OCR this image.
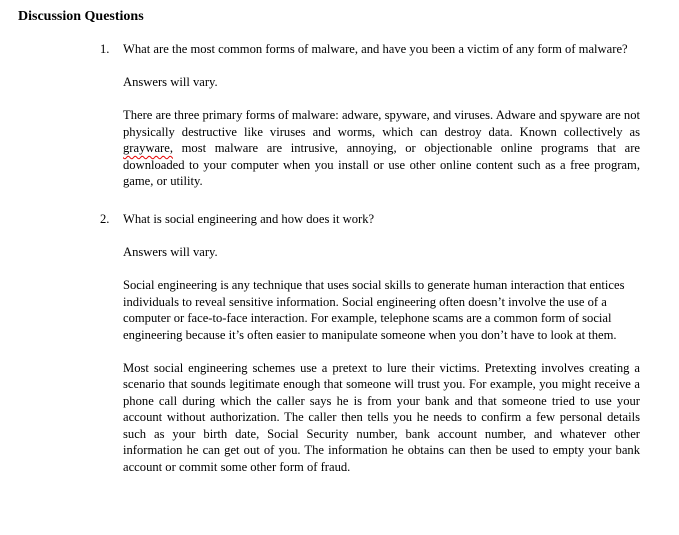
Discussion Questions
1.	What are the most common forms of malware, and have you been a victim of any form of malware?

Answers will vary.

There are three primary forms of malware: adware, spyware, and viruses. Adware and spyware are not physically destructive like viruses and worms, which can destroy data. Known collectively as grayware, most malware are intrusive, annoying, or objectionable online programs that are downloaded to your computer when you install or use other online content such as a free program, game, or utility.

2.	What is social engineering and how does it work?

Answers will vary.

Social engineering is any technique that uses social skills to generate human interaction that entices individuals to reveal sensitive information. Social engineering often doesn’t involve the use of a computer or face-to-face interaction. For example, telephone scams are a common form of social engineering because it’s often easier to manipulate someone when you don’t have to look at them.

Most social engineering schemes use a pretext to lure their victims. Pretexting involves creating a scenario that sounds legitimate enough that someone will trust you. For example, you might receive a phone call during which the caller says he is from your bank and that someone tried to use your account without authorization. The caller then tells you he needs to confirm a few personal details such as your birth date, Social Security number, bank account number, and whatever other information he can get out of you. The information he obtains can then be used to empty your bank account or commit some other form of fraud.
